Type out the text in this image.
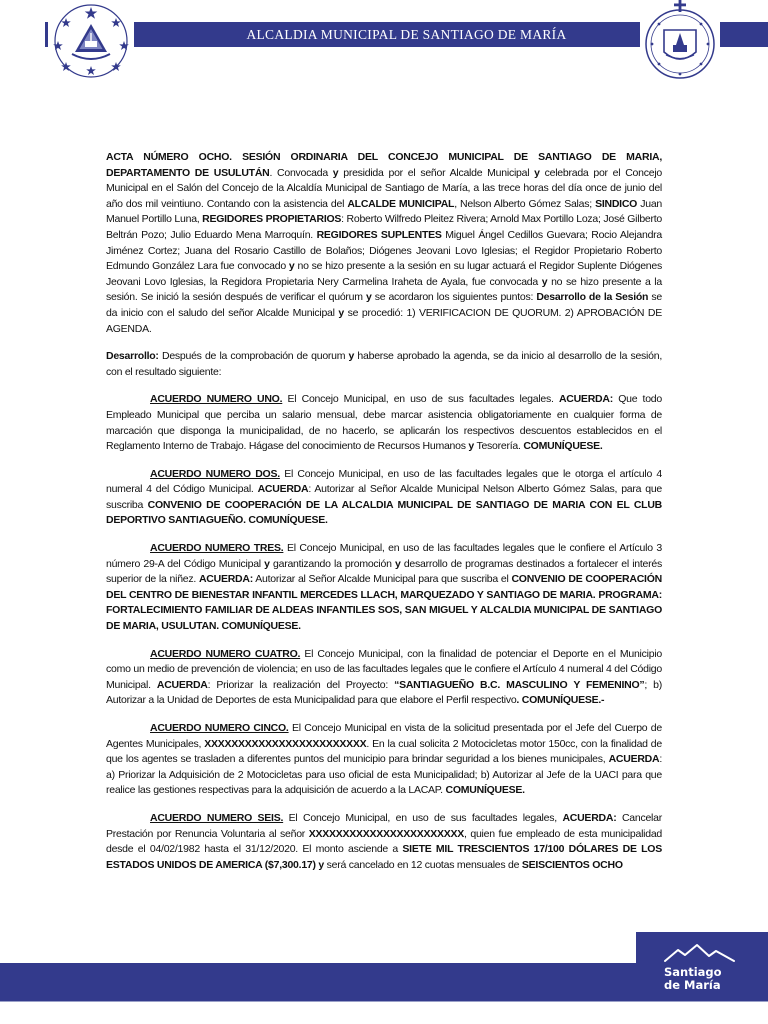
ALCALDIA MUNICIPAL DE SANTIAGO DE MARÍA

ACTA NÚMERO OCHO. SESIÓN ORDINARIA DEL CONCEJO MUNICIPAL DE SANTIAGO DE MARIA, DEPARTAMENTO DE USULUTÁN. Convocada y presidida por el señor Alcalde Municipal y celebrada por el Concejo Municipal en el Salón del Concejo de la Alcaldía Municipal de Santiago de María, a las trece horas del día once de junio del año dos mil veintiuno. Contando con la asistencia del ALCALDE MUNICIPAL, Nelson Alberto Gómez Salas; SINDICO Juan Manuel Portillo Luna, REGIDORES PROPIETARIOS: Roberto Wilfredo Pleitez Rivera; Arnold Max Portillo Loza; José Gilberto Beltrán Pozo; Julio Eduardo Mena Marroquín. REGIDORES SUPLENTES Miguel Ángel Cedillos Guevara; Rocio Alejandra Jiménez Cortez; Juana del Rosario Castillo de Bolaños; Diógenes Jeovani Lovo Iglesias; el Regidor Propietario Roberto Edmundo González Lara fue convocado y no se hizo presente a la sesión en su lugar actuará el Regidor Suplente Diógenes Jeovani Lovo Iglesias, la Regidora Propietaria Nery Carmelina Iraheta de Ayala, fue convocada y no se hizo presente a la sesión. Se inició la sesión después de verificar el quórum y se acordaron los siguientes puntos: Desarrollo de la Sesión se da inicio con el saludo del señor Alcalde Municipal y se procedió: 1) VERIFICACION DE QUORUM. 2) APROBACIÓN DE AGENDA.

Desarrollo: Después de la comprobación de quorum y haberse aprobado la agenda, se da inicio al desarrollo de la sesión, con el resultado siguiente:

ACUERDO NUMERO UNO. El Concejo Municipal, en uso de sus facultades legales. ACUERDA: Que todo Empleado Municipal que perciba un salario mensual, debe marcar asistencia obligatoriamente en cualquier forma de marcación que disponga la municipalidad, de no hacerlo, se aplicarán los respectivos descuentos establecidos en el Reglamento Interno de Trabajo. Hágase del conocimiento de Recursos Humanos y Tesorería. COMUNÍQUESE.

ACUERDO NUMERO DOS. El Concejo Municipal, en uso de las facultades legales que le otorga el artículo 4 numeral 4 del Código Municipal. ACUERDA: Autorizar al Señor Alcalde Municipal Nelson Alberto Gómez Salas, para que suscriba CONVENIO DE COOPERACIÓN DE LA ALCALDIA MUNICIPAL DE SANTIAGO DE MARIA CON EL CLUB DEPORTIVO SANTIAGUEÑO. COMUNÍQUESE.

ACUERDO NUMERO TRES. El Concejo Municipal, en uso de las facultades legales que le confiere el Artículo 3 número 29-A del Código Municipal y garantizando la promoción y desarrollo de programas destinados a fortalecer el interés superior de la niñez. ACUERDA: Autorizar al Señor Alcalde Municipal para que suscriba el CONVENIO DE COOPERACIÓN DEL CENTRO DE BIENESTAR INFANTIL MERCEDES LLACH, MARQUEZADO Y SANTIAGO DE MARIA. PROGRAMA: FORTALECIMIENTO FAMILIAR DE ALDEAS INFANTILES SOS, SAN MIGUEL Y ALCALDIA MUNICIPAL DE SANTIAGO DE MARIA, USULUTAN. COMUNÍQUESE.

ACUERDO NUMERO CUATRO. El Concejo Municipal, con la finalidad de potenciar el Deporte en el Municipio como un medio de prevención de violencia; en uso de las facultades legales que le confiere el Artículo 4 numeral 4 del Código Municipal. ACUERDA: Priorizar la realización del Proyecto: “SANTIAGUEÑO B.C. MASCULINO Y FEMENINO”; b) Autorizar a la Unidad de Deportes de esta Municipalidad para que elabore el Perfil respectivo. COMUNÍQUESE.-

ACUERDO NUMERO CINCO. El Concejo Municipal en vista de la solicitud presentada por el Jefe del Cuerpo de Agentes Municipales, XXXXXXXXXXXXXXXXXXXXXXXX. En la cual solicita 2 Motocicletas motor 150cc, con la finalidad de que los agentes se trasladen a diferentes puntos del municipio para brindar seguridad a los bienes municipales, ACUERDA: a) Priorizar la Adquisición de 2 Motocicletas para uso oficial de esta Municipalidad; b) Autorizar al Jefe de la UACI para que realice las gestiones respectivas para la adquisición de acuerdo a la LACAP. COMUNÍQUESE.

ACUERDO NUMERO SEIS. El Concejo Municipal, en uso de sus facultades legales, ACUERDA: Cancelar Prestación por Renuncia Voluntaria al señor XXXXXXXXXXXXXXXXXXXXXXX, quien fue empleado de esta municipalidad desde el 04/02/1982 hasta el 31/12/2020. El monto asciende a SIETE MIL TRESCIENTOS 17/100 DÓLARES DE LOS ESTADOS UNIDOS DE AMERICA ($7,300.17) y será cancelado en 12 cuotas mensuales de SEISCIENTOS OCHO

Santiago
de María
